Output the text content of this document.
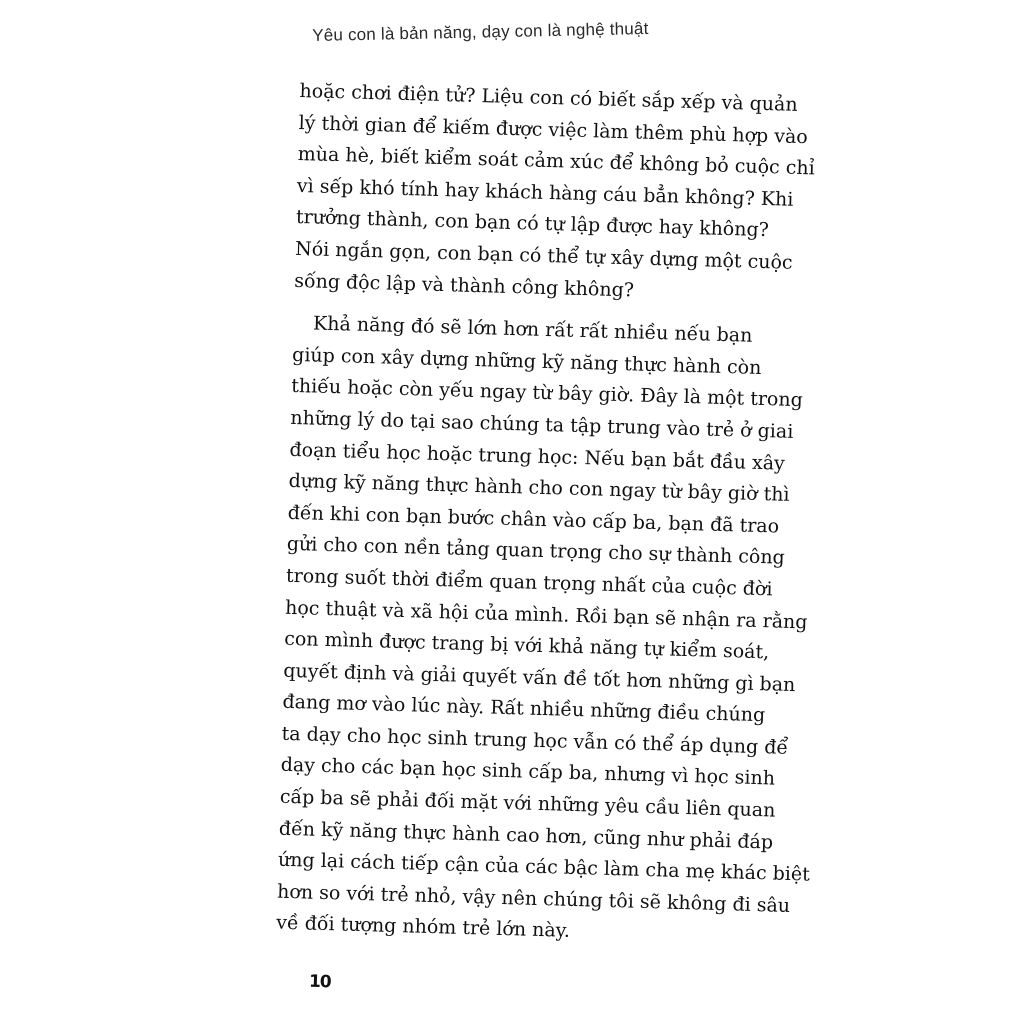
Yêu con là bản năng, dạy con là nghệ thuật

hoặc chơi điện tử? Liệu con có biết sắp xếp và quản
lý thời gian để kiếm được việc làm thêm phù hợp vào
mùa hè, biết kiểm soát cảm xúc để không bỏ cuộc chỉ
vì sếp khó tính hay khách hàng cáu bẳn không? Khi
trưởng thành, con bạn có tự lập được hay không?
Nói ngắn gọn, con bạn có thể tự xây dựng một cuộc
sống độc lập và thành công không?

Khả năng đó sẽ lớn hơn rất rất nhiều nếu bạn
giúp con xây dựng những kỹ năng thực hành còn
thiếu hoặc còn yếu ngay từ bây giờ. Đây là một trong
những lý do tại sao chúng ta tập trung vào trẻ ở giai
đoạn tiểu học hoặc trung học: Nếu bạn bắt đầu xây
dựng kỹ năng thực hành cho con ngay từ bây giờ thì
đến khi con bạn bước chân vào cấp ba, bạn đã trao
gửi cho con nền tảng quan trọng cho sự thành công
trong suốt thời điểm quan trọng nhất của cuộc đời
học thuật và xã hội của mình. Rồi bạn sẽ nhận ra rằng
con mình được trang bị với khả năng tự kiểm soát,
quyết định và giải quyết vấn đề tốt hơn những gì bạn
đang mơ vào lúc này. Rất nhiều những điều chúng
ta dạy cho học sinh trung học vẫn có thể áp dụng để
dạy cho các bạn học sinh cấp ba, nhưng vì học sinh
cấp ba sẽ phải đối mặt với những yêu cầu liên quan
đến kỹ năng thực hành cao hơn, cũng như phải đáp
ứng lại cách tiếp cận của các bậc làm cha mẹ khác biệt
hơn so với trẻ nhỏ, vậy nên chúng tôi sẽ không đi sâu
về đối tượng nhóm trẻ lớn này.

10
